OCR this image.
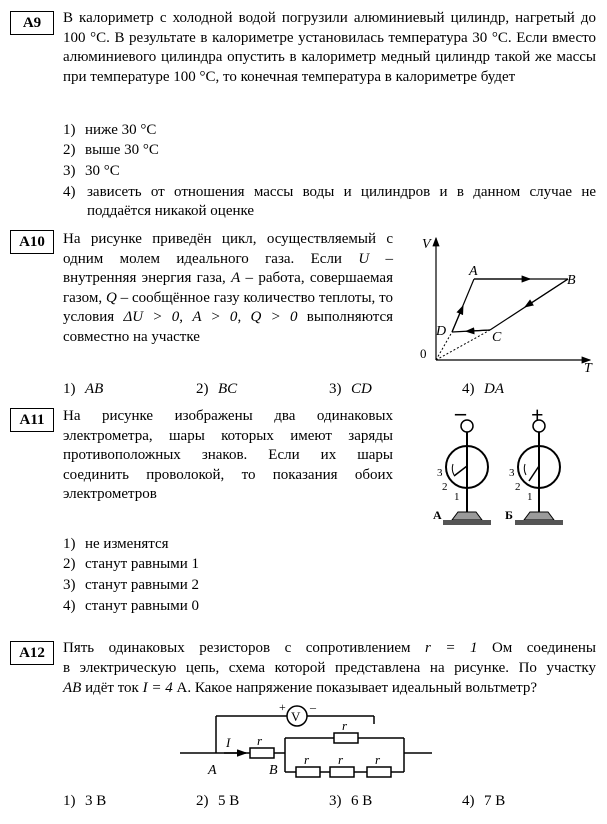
A9	В калориметр с холодной водой погрузили алюминиевый цилиндр, нагретый до 100 °С. В результате в калориметре установилась температура 30 °С. Если вместо алюминиевого цилиндра опустить в калориметр медный цилиндр такой же массы при температуре 100 °С, то конечная температура в калориметре будет
1) ниже 30 °С
2) выше 30 °С
3) 30 °С
4) зависеть от отношения массы воды и цилиндров и в данном случае не поддаётся никакой оценке
A10	На рисунке приведён цикл, осуществляемый с одним молем идеального газа. Если U – внутренняя энергия газа, A – работа, совершаемая газом, Q – сообщённое газу количество теплоты, то условия ΔU > 0, A > 0, Q > 0 выполняются совместно на участке
V
T
0
A
B
C
D
1) AB	2) BC	3) CD	4) DA
A11	На рисунке изображены два одинаковых электрометра, шары которых имеют заряды противоположных знаков. Если их шары соединить проволокой, то показания обоих электрометров
–
3
2
1
А
+
3
2
1
Б
1) не изменятся
2) станут равными 1
3) станут равными 2
4) станут равными 0
A12	Пять одинаковых резисторов с сопротивлением r = 1 Ом соединены
в электрическую цепь, схема которой представлена на рисунке. По участку
AB идёт ток I = 4 А. Какое напряжение показывает идеальный вольтметр?
V
+ –
r
r
r r r
I
A	B
1) 3 В	2) 5 В	3) 6 В	4) 7 В
